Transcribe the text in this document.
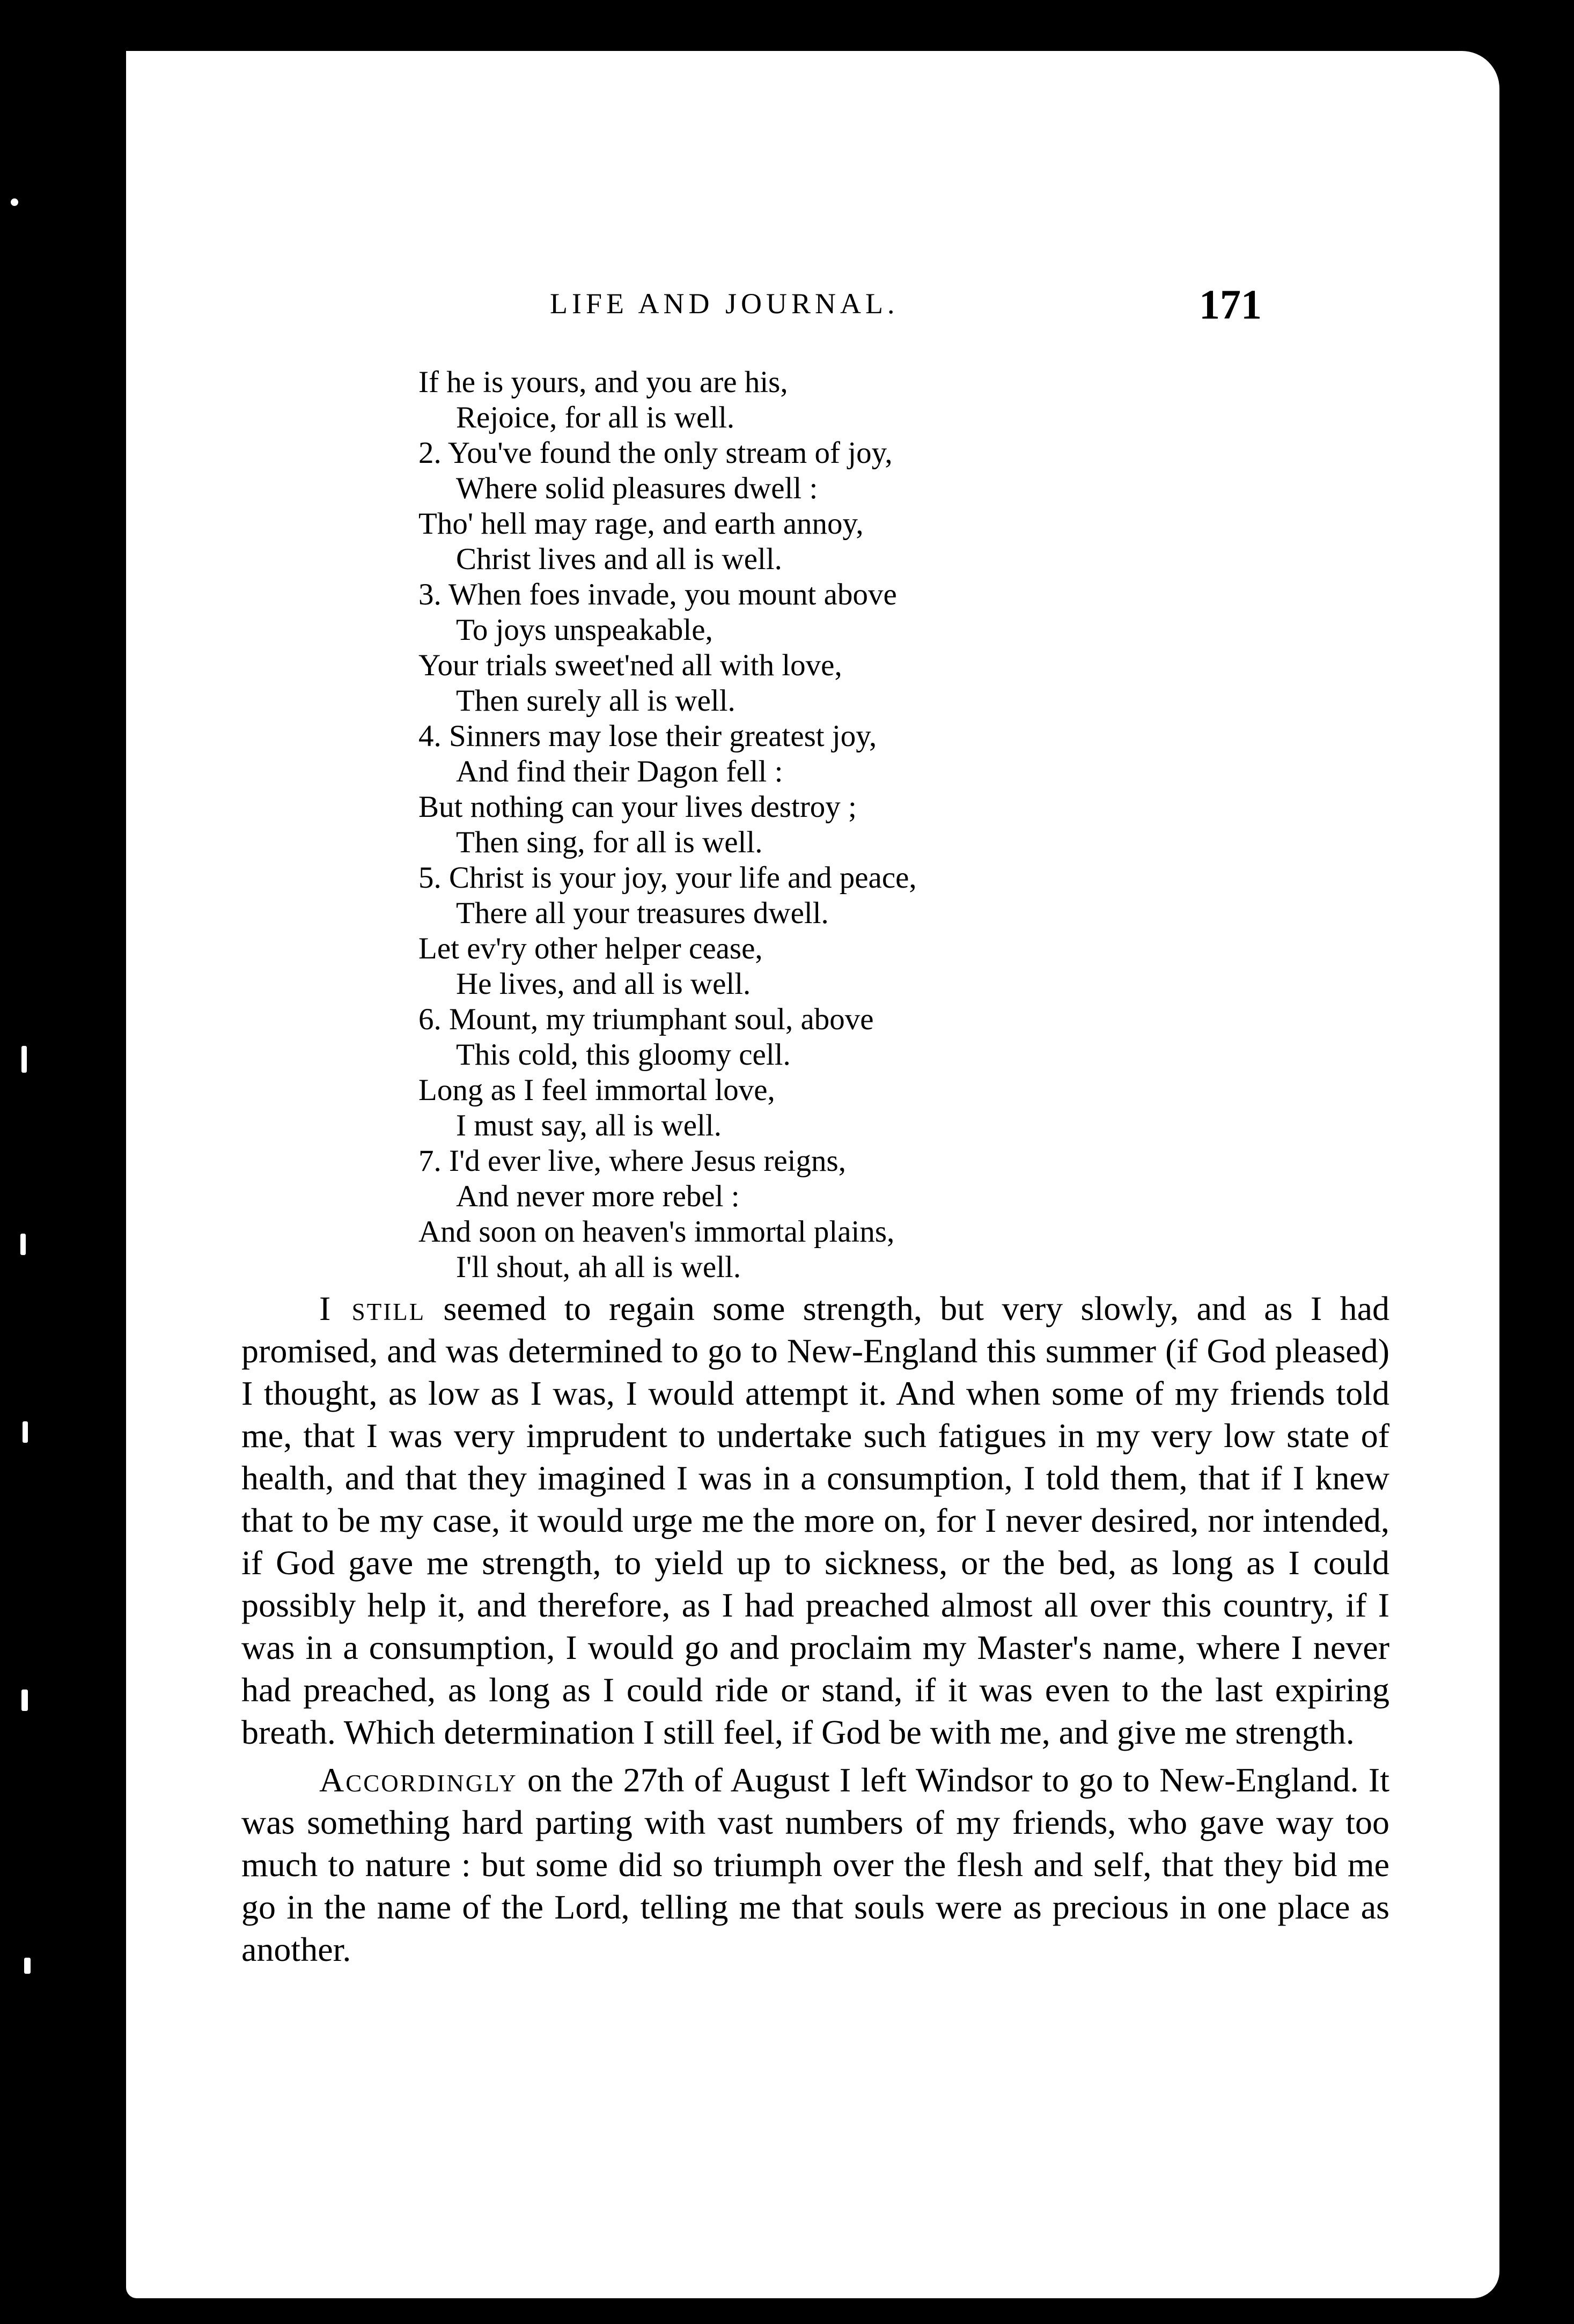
LIFE AND JOURNAL.	171
If he is yours, and you are his,
Rejoice, for all is well.
2. You've found the only stream of joy,
Where solid pleasures dwell :
Tho' hell may rage, and earth annoy,
Christ lives and all is well.
3. When foes invade, you mount above
To joys unspeakable,
Your trials sweet'ned all with love,
Then surely all is well.
4. Sinners may lose their greatest joy,
And find their Dagon fell :
But nothing can your lives destroy ;
Then sing, for all is well.
5. Christ is your joy, your life and peace,
There all your treasures dwell.
Let ev'ry other helper cease,
He lives, and all is well.
6. Mount, my triumphant soul, above
This cold, this gloomy cell.
Long as I feel immortal love,
I must say, all is well.
7. I'd ever live, where Jesus reigns,
And never more rebel :
And soon on heaven's immortal plains,
I'll shout, ah all is well.

I still seemed to regain some strength, but very slowly, and as I had promised, and was determined to go to New-England this summer (if God pleased) I thought, as low as I was, I would attempt it. And when some of my friends told me, that I was very imprudent to undertake such fatigues in my very low state of health, and that they imagined I was in a consumption, I told them, that if I knew that to be my case, it would urge me the more on, for I never desired, nor intended, if God gave me strength, to yield up to sickness, or the bed, as long as I could possibly help it, and therefore, as I had preached almost all over this country, if I was in a consumption, I would go and proclaim my Master's name, where I never had preached, as long as I could ride or stand, if it was even to the last expiring breath. Which determination I still feel, if God be with me, and give me strength.

Accordingly on the 27th of August I left Windsor to go to New-England. It was something hard parting with vast numbers of my friends, who gave way too much to nature : but some did so triumph over the flesh and self, that they bid me go in the name of the Lord, telling me that souls were as precious in one place as another.
